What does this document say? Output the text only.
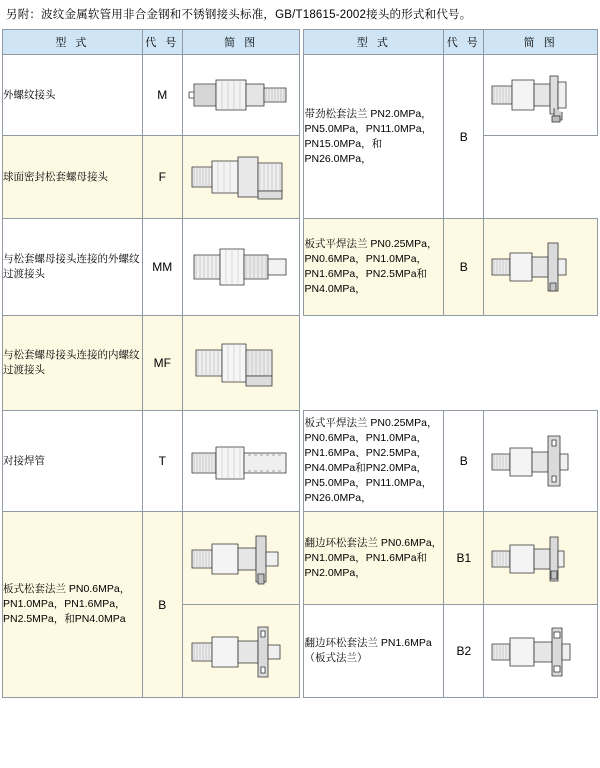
另附：波纹金属软管用非合金钢和不锈钢接头标准，GB/T18615-2002接头的形式和代号。
型 式	代 号	简 图		型 式	代 号	简 图
外螺纹接头	M			带劲松套法兰 PN2.0MPa，PN5.0MPa，PN11.0MPa，PN15.0MPa，和PN26.0MPa，	B	

球面密封松套螺母接头	F	

与松套螺母接头连接的外螺纹过渡接头	MM			板式平焊法兰 PN0.25MPa，PN0.6MPa，PN1.0MPa，PN1.6MPa，PN2.5MPa和PN4.0MPa，	B	

与松套螺母接头连接的内螺纹过渡接头	MF	

对接焊管	T			板式平焊法兰 PN0.25MPa，PN0.6MPa，PN1.0MPa，PN1.6MPa、PN2.5MPa，PN4.0MPa和PN2.0MPa，PN5.0MPa，PN11.0MPa，PN26.0MPa，	B	

板式松套法兰 PN0.6MPa，PN1.0MPa，PN1.6MPa，PN2.5MPa，和PN4.0MPa	B			翻边环松套法兰 PN0.6MPa，PN1.0MPa，PN1.6MPa和PN2.0MPa，	B1	

	翻边环松套法兰 PN1.6MPa（板式法兰）	B2	
